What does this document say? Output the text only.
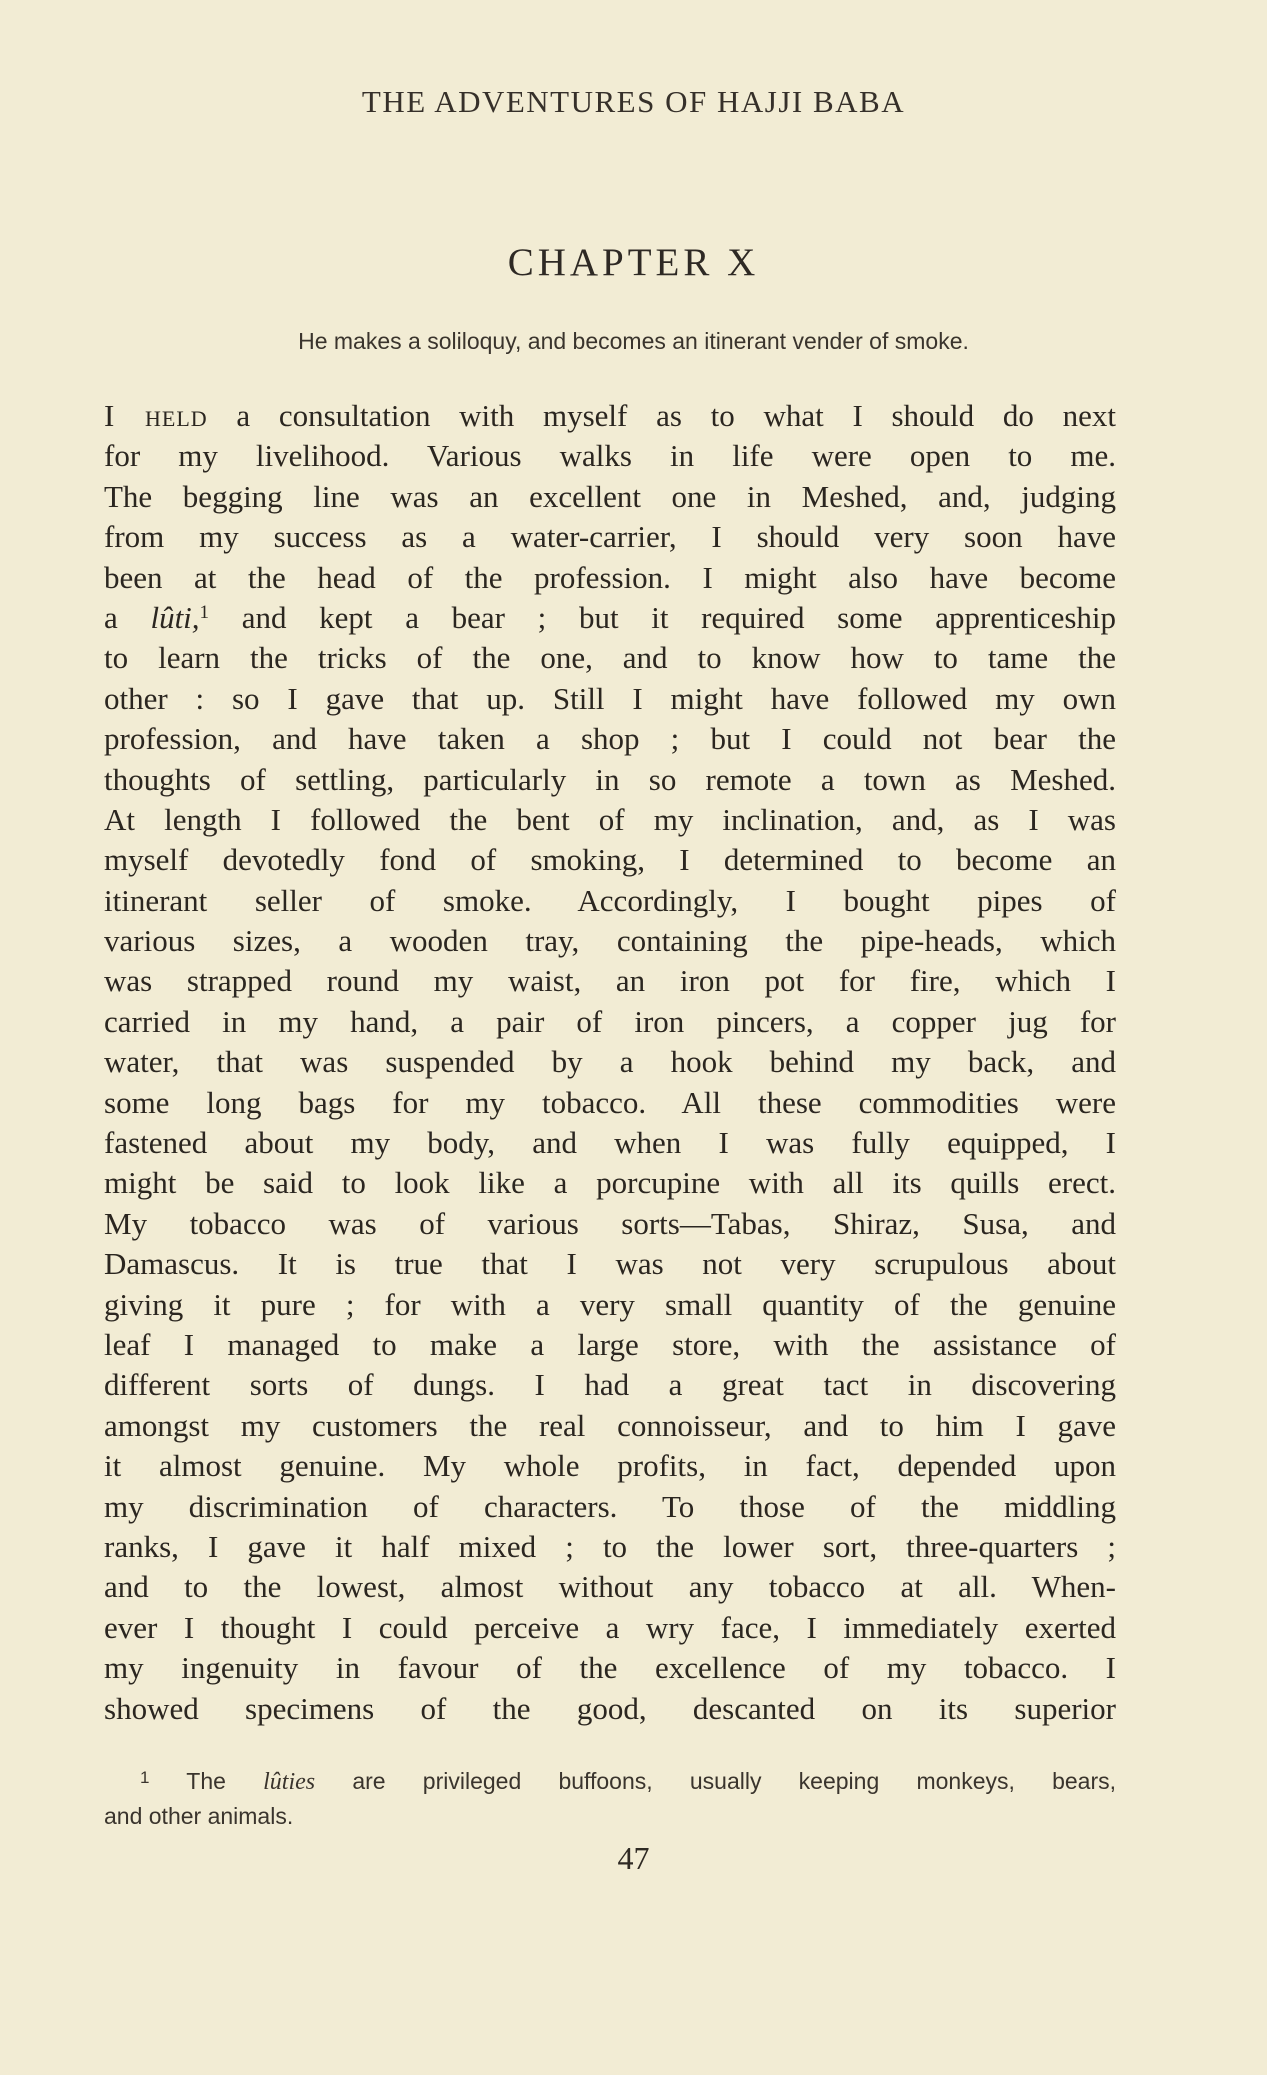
THE ADVENTURES OF HAJJI BABA
CHAPTER X
He makes a soliloquy, and becomes an itinerant vender of smoke.
I held a consultation with myself as to what I should do next
for my livelihood. Various walks in life were open to me.
The begging line was an excellent one in Meshed, and, judging
from my success as a water-carrier, I should very soon have
been at the head of the profession. I might also have become
a lûti,$^1$ and kept a bear ; but it required some apprenticeship
to learn the tricks of the one, and to know how to tame the
other : so I gave that up. Still I might have followed my own
profession, and have taken a shop ; but I could not bear the
thoughts of settling, particularly in so remote a town as Meshed.
At length I followed the bent of my inclination, and, as I was
myself devotedly fond of smoking, I determined to become an
itinerant seller of smoke. Accordingly, I bought pipes of
various sizes, a wooden tray, containing the pipe-heads, which
was strapped round my waist, an iron pot for fire, which I
carried in my hand, a pair of iron pincers, a copper jug for
water, that was suspended by a hook behind my back, and
some long bags for my tobacco. All these commodities were
fastened about my body, and when I was fully equipped, I
might be said to look like a porcupine with all its quills erect.
My tobacco was of various sorts—Tabas, Shiraz, Susa, and
Damascus. It is true that I was not very scrupulous about
giving it pure ; for with a very small quantity of the genuine
leaf I managed to make a large store, with the assistance of
different sorts of dungs. I had a great tact in discovering
amongst my customers the real connoisseur, and to him I gave
it almost genuine. My whole profits, in fact, depended upon
my discrimination of characters. To those of the middling
ranks, I gave it half mixed ; to the lower sort, three-quarters ;
and to the lowest, almost without any tobacco at all. When-
ever I thought I could perceive a wry face, I immediately exerted
my ingenuity in favour of the excellence of my tobacco. I
showed specimens of the good, descanted on its superior
$^1$ The lûties are privileged buffoons, usually keeping monkeys, bears,
and other animals.
47
